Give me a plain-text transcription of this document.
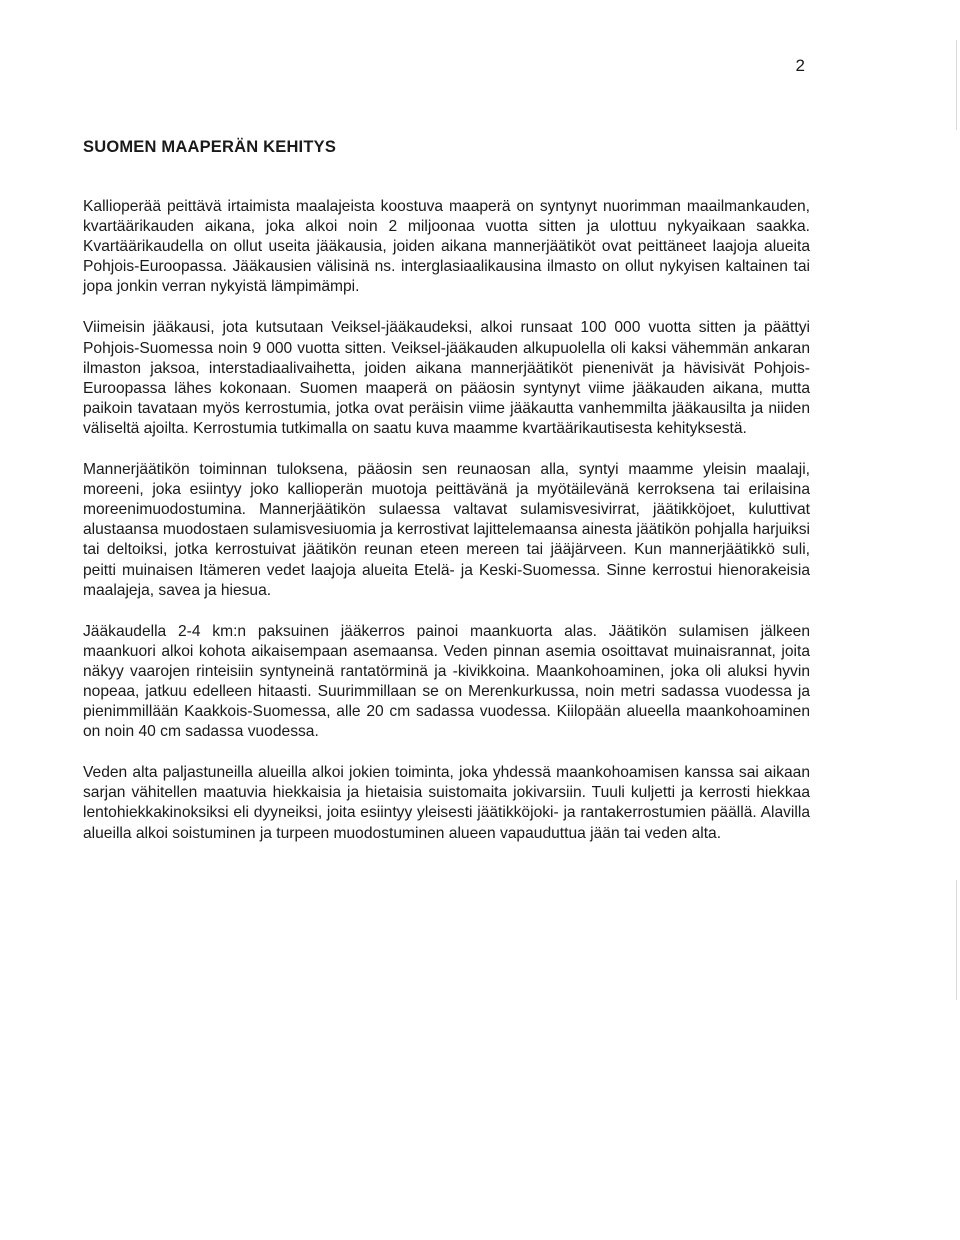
2
SUOMEN MAAPERÄN KEHITYS

Kallioperää peittävä irtaimista maalajeista koostuva maaperä on syntynyt nuorimman maailmankauden, kvartäärikauden aikana, joka alkoi noin 2 miljoonaa vuotta sitten ja ulottuu nykyaikaan saakka. Kvartäärikaudella on ollut useita jääkausia, joiden aikana mannerjäätiköt ovat peittäneet laajoja alueita Pohjois-Euroopassa. Jääkausien välisinä ns. interglasiaalikausina ilmasto on ollut nykyisen kaltainen tai jopa jonkin verran nykyistä lämpimämpi.

Viimeisin jääkausi, jota kutsutaan Veiksel-jääkaudeksi, alkoi runsaat 100 000 vuotta sitten ja päättyi Pohjois-Suomessa noin 9 000 vuotta sitten. Veiksel-jääkauden alkupuolella oli kaksi vähemmän ankaran ilmaston jaksoa, interstadiaalivaihetta, joiden aikana mannerjäätiköt pienenivät ja hävisivät Pohjois-Euroopassa lähes kokonaan. Suomen maaperä on pääosin syntynyt viime jääkauden aikana, mutta paikoin tavataan myös kerrostumia, jotka ovat peräisin viime jääkautta vanhemmilta jääkausilta ja niiden väliseltä ajoilta. Kerrostumia tutkimalla on saatu kuva maamme kvartäärikautisesta kehityksestä.

Mannerjäätikön toiminnan tuloksena, pääosin sen reunaosan alla, syntyi maamme yleisin maalaji, moreeni, joka esiintyy joko kallioperän muotoja peittävänä ja myötäilevänä kerroksena tai erilaisina moreenimuodostumina. Mannerjäätikön sulaessa valtavat sulamisvesivirrat, jäätikköjoet, kuluttivat alustaansa muodostaen sulamisvesiuomia ja kerrostivat lajittelemaansa ainesta jäätikön pohjalla harjuiksi tai deltoiksi, jotka kerrostuivat jäätikön reunan eteen mereen tai jääjärveen. Kun mannerjäätikkö suli, peitti muinaisen Itämeren vedet laajoja alueita Etelä- ja Keski-Suomessa. Sinne kerrostui hienorakeisia maalajeja, savea ja hiesua.

Jääkaudella 2-4 km:n paksuinen jääkerros painoi maankuorta alas. Jäätikön sulamisen jälkeen maankuori alkoi kohota aikaisempaan asemaansa. Veden pinnan asemia osoittavat muinaisrannat, joita näkyy vaarojen rinteisiin syntyneinä rantatörminä ja -kivikkoina. Maankohoaminen, joka oli aluksi hyvin nopeaa, jatkuu edelleen hitaasti. Suurimmillaan se on Merenkurkussa, noin metri sadassa vuodessa ja pienimmillään Kaakkois-Suomessa, alle 20 cm sadassa vuodessa. Kiilopään alueella maankohoaminen on noin 40 cm sadassa vuodessa.

Veden alta paljastuneilla alueilla alkoi jokien toiminta, joka yhdessä maankohoamisen kanssa sai aikaan sarjan vähitellen maatuvia hiekkaisia ja hietaisia suistomaita jokivarsiin. Tuuli kuljetti ja kerrosti hiekkaa lentohiekkakinoksiksi eli dyyneiksi, joita esiintyy yleisesti jäätikköjoki- ja rantakerrostumien päällä. Alavilla alueilla alkoi soistuminen ja turpeen muodostuminen alueen vapauduttua jään tai veden alta.
